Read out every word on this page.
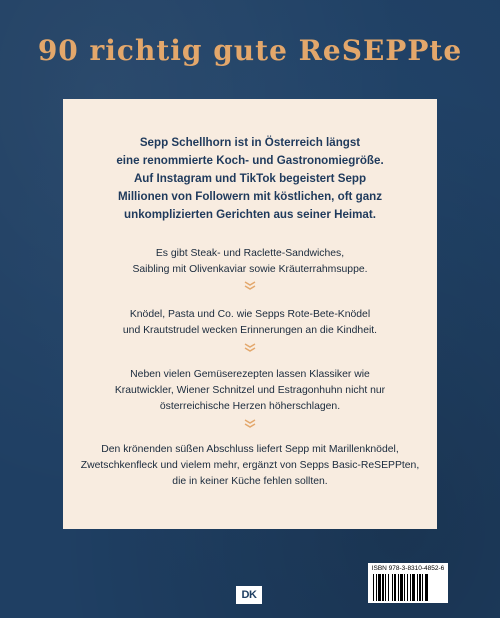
90 richtig gute ReSEPPte
Sepp Schellhorn ist in Österreich längst
eine renommierte Koch- und Gastronomiegröße.
Auf Instagram und TikTok begeistert Sepp
Millionen von Followern mit köstlichen, oft ganz
unkomplizierten Gerichten aus seiner Heimat.
Es gibt Steak- und Raclette-Sandwiches,
Saibling mit Olivenkaviar sowie Kräuterrahmsuppe.
Knödel, Pasta und Co. wie Sepps Rote-Bete-Knödel
und Krautstrudel wecken Erinnerungen an die Kindheit.
Neben vielen Gemüserezepten lassen Klassiker wie
Krautwickler, Wiener Schnitzel und Estragonhuhn nicht nur
österreichische Herzen höherschlagen.
Den krönenden süßen Abschluss liefert Sepp mit Marillenknödel,
Zwetschkenfleck und vielem mehr, ergänzt von Sepps Basic-ReSEPPten,
die in keiner Küche fehlen sollten.
DK
ISBN 978-3-8310-4852-6
